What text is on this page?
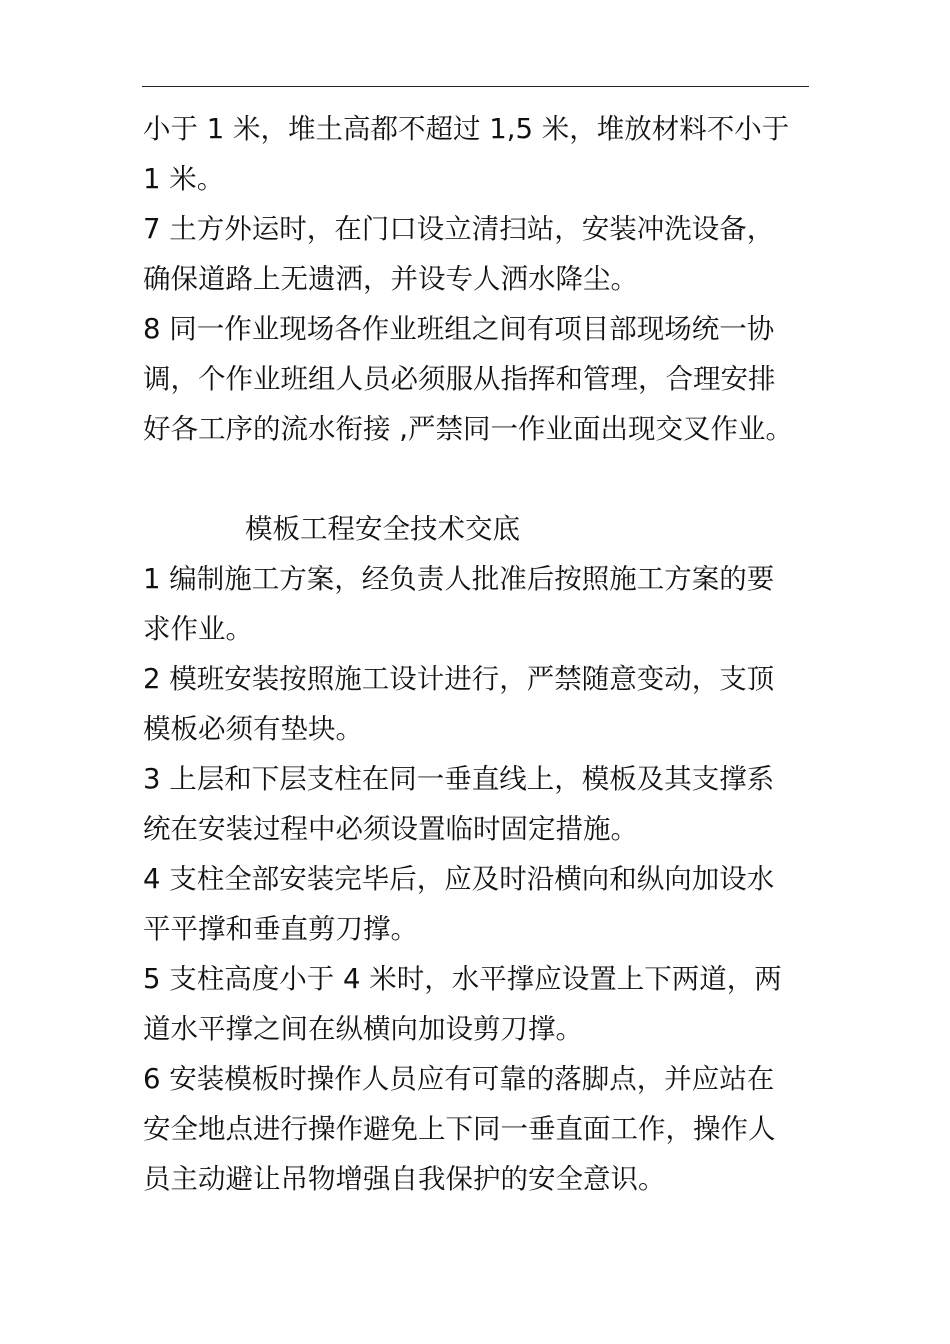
小于 1 米，堆土高都不超过 1,5 米，堆放材料不小于

1 米。

7 土方外运时，在门口设立清扫站，安装冲洗设备，

确保道路上无遗洒，并设专人洒水降尘。

8 同一作业现场各作业班组之间有项目部现场统一协

调，个作业班组人员必须服从指挥和管理，合理安排

好各工序的流水衔接 ,严禁同一作业面出现交叉作业。

模板工程安全技术交底

1 编制施工方案，经负责人批准后按照施工方案的要

求作业。

2 模班安装按照施工设计进行，严禁随意变动，支顶

模板必须有垫块。

3 上层和下层支柱在同一垂直线上，模板及其支撑系

统在安装过程中必须设置临时固定措施。

4 支柱全部安装完毕后，应及时沿横向和纵向加设水

平平撑和垂直剪刀撑。

5 支柱高度小于 4 米时，水平撑应设置上下两道，两

道水平撑之间在纵横向加设剪刀撑。

6 安装模板时操作人员应有可靠的落脚点，并应站在

安全地点进行操作避免上下同一垂直面工作，操作人

员主动避让吊物增强自我保护的安全意识。
